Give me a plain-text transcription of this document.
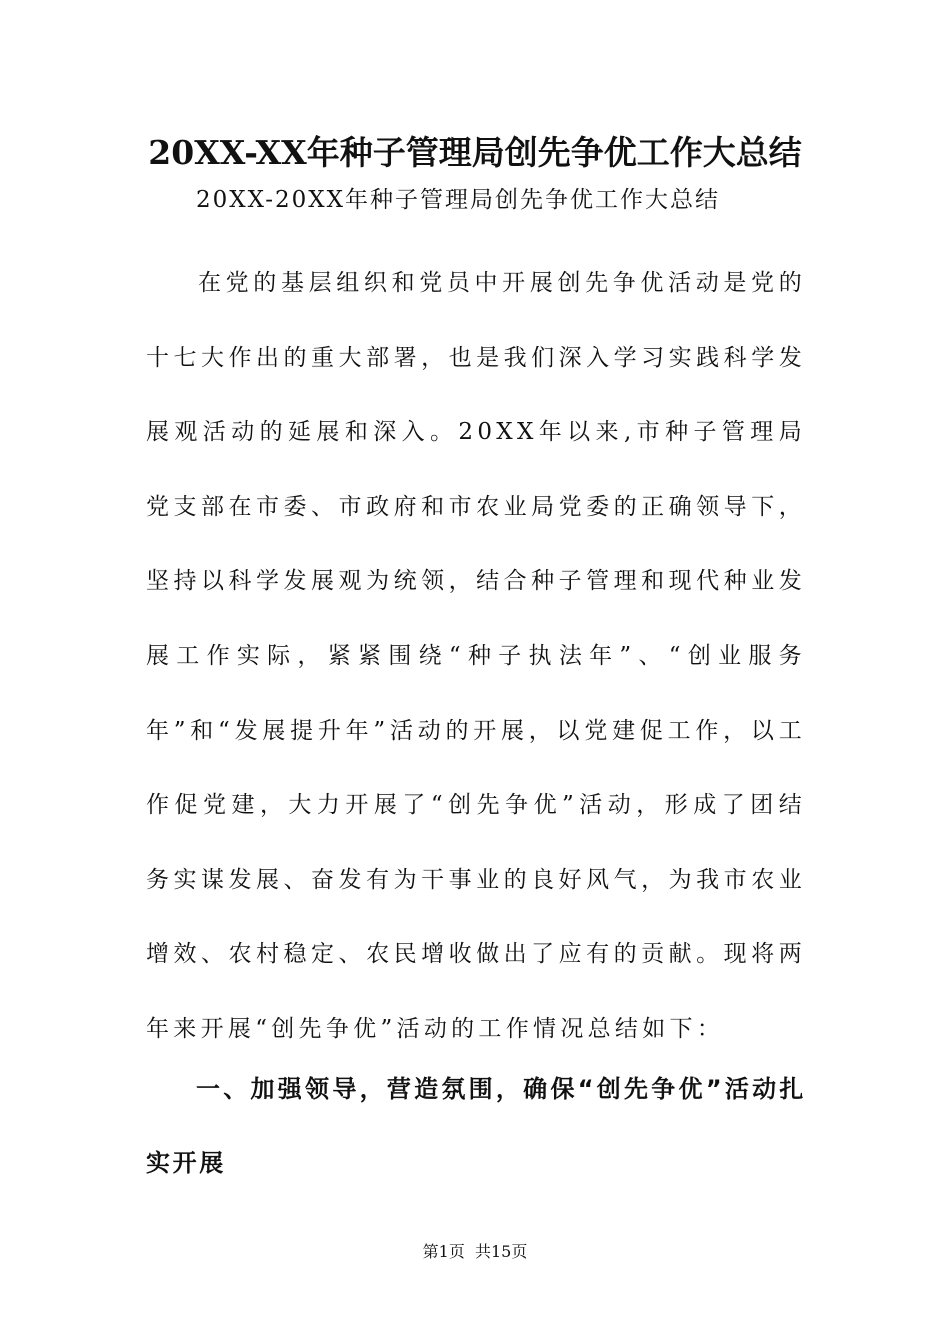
20XX-XX年种子管理局创先争优工作大总结
20XX-20XX年种子管理局创先争优工作大总结

在党的基层组织和党员中开展创先争优活动是党的十七大作出的重大部署，也是我们深入学习实践科学发展观活动的延展和深入。20XX年以来,市种子管理局党支部在市委、市政府和市农业局党委的正确领导下，坚持以科学发展观为统领，结合种子管理和现代种业发展工作实际，紧紧围绕“种子执法年”、“创业服务年”和“发展提升年”活动的开展，以党建促工作，以工作促党建，大力开展了“创先争优”活动，形成了团结务实谋发展、奋发有为干事业的良好风气，为我市农业增效、农村稳定、农民增收做出了应有的贡献。现将两年来开展“创先争优”活动的工作情况总结如下：

一、加强领导，营造氛围，确保“创先争优”活动扎实开展

第1页  共15页
